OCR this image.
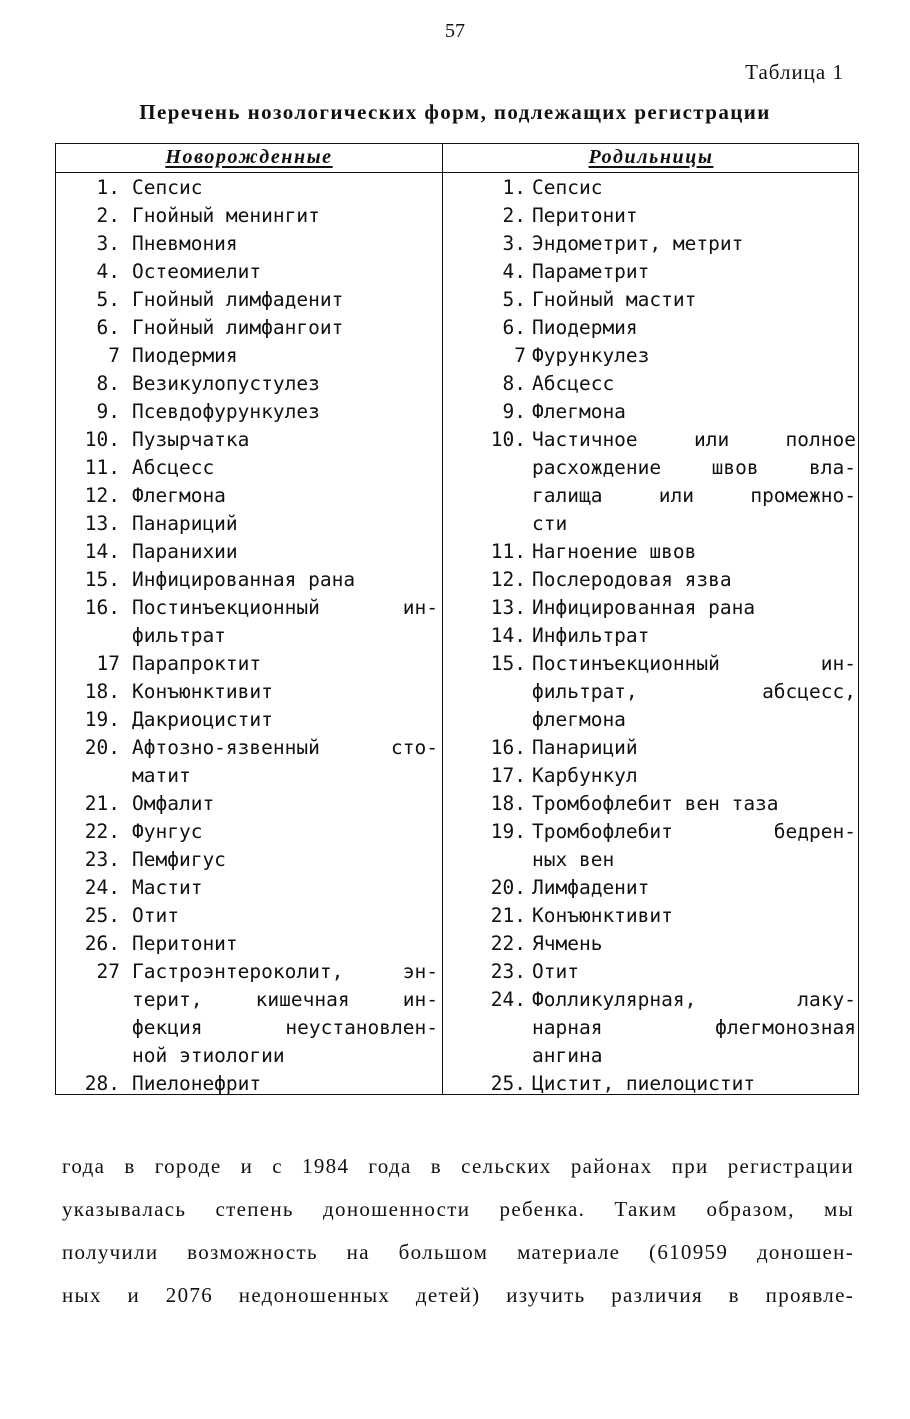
57
Таблица 1
Перечень нозологических форм, подлежащих регистрации
Новорожденные	Родильницы
1. Сепсис
2. Гнойный менингит
3. Пневмония
4. Остеомиелит
5. Гнойный лимфаденит
6. Гнойный лимфангоит
7 Пиодермия
8. Везикулопустулез
9. Псевдофурункулез
10. Пузырчатка
11. Абсцесс
12. Флегмона
13. Панариций
14. Паранихии
15. Инфицированная рана
16. Постинъекционный ин-
фильтрат
17 Парапроктит
18. Конъюнктивит
19. Дакриоцистит
20. Афтозно-язвенный сто-
матит
21. Омфалит
22. Фунгус
23. Пемфигус
24. Мастит
25. Отит
26. Перитонит
27 Гастроэнтероколит, эн-
терит, кишечная ин-
фекция неустановлен-
ной этиологии
28. Пиелонефрит
1. Сепсис
2. Перитонит
3. Эндометрит, метрит
4. Параметрит
5. Гнойный мастит
6. Пиодермия
7 Фурункулез
8. Абсцесс
9. Флегмона
10. Частичное или полное
расхождение швов вла-
галища или промежно-
сти
11. Нагноение швов
12. Послеродовая язва
13. Инфицированная рана
14. Инфильтрат
15. Постинъекционный ин-
фильтрат, абсцесс,
флегмона
16. Панариций
17. Карбункул
18. Тромбофлебит вен таза
19. Тромбофлебит бедрен-
ных вен
20. Лимфаденит
21. Конъюнктивит
22. Ячмень
23. Отит
24. Фолликулярная, лаку-
нарная флегмонозная
ангина
25. Цистит, пиелоцистит
года в городе и с 1984 года в сельских районах при регистрации
указывалась степень доношенности ребенка. Таким образом, мы
получили возможность на большом материале (610959 доношен-
ных и 2076 недоношенных детей) изучить различия в проявле-
